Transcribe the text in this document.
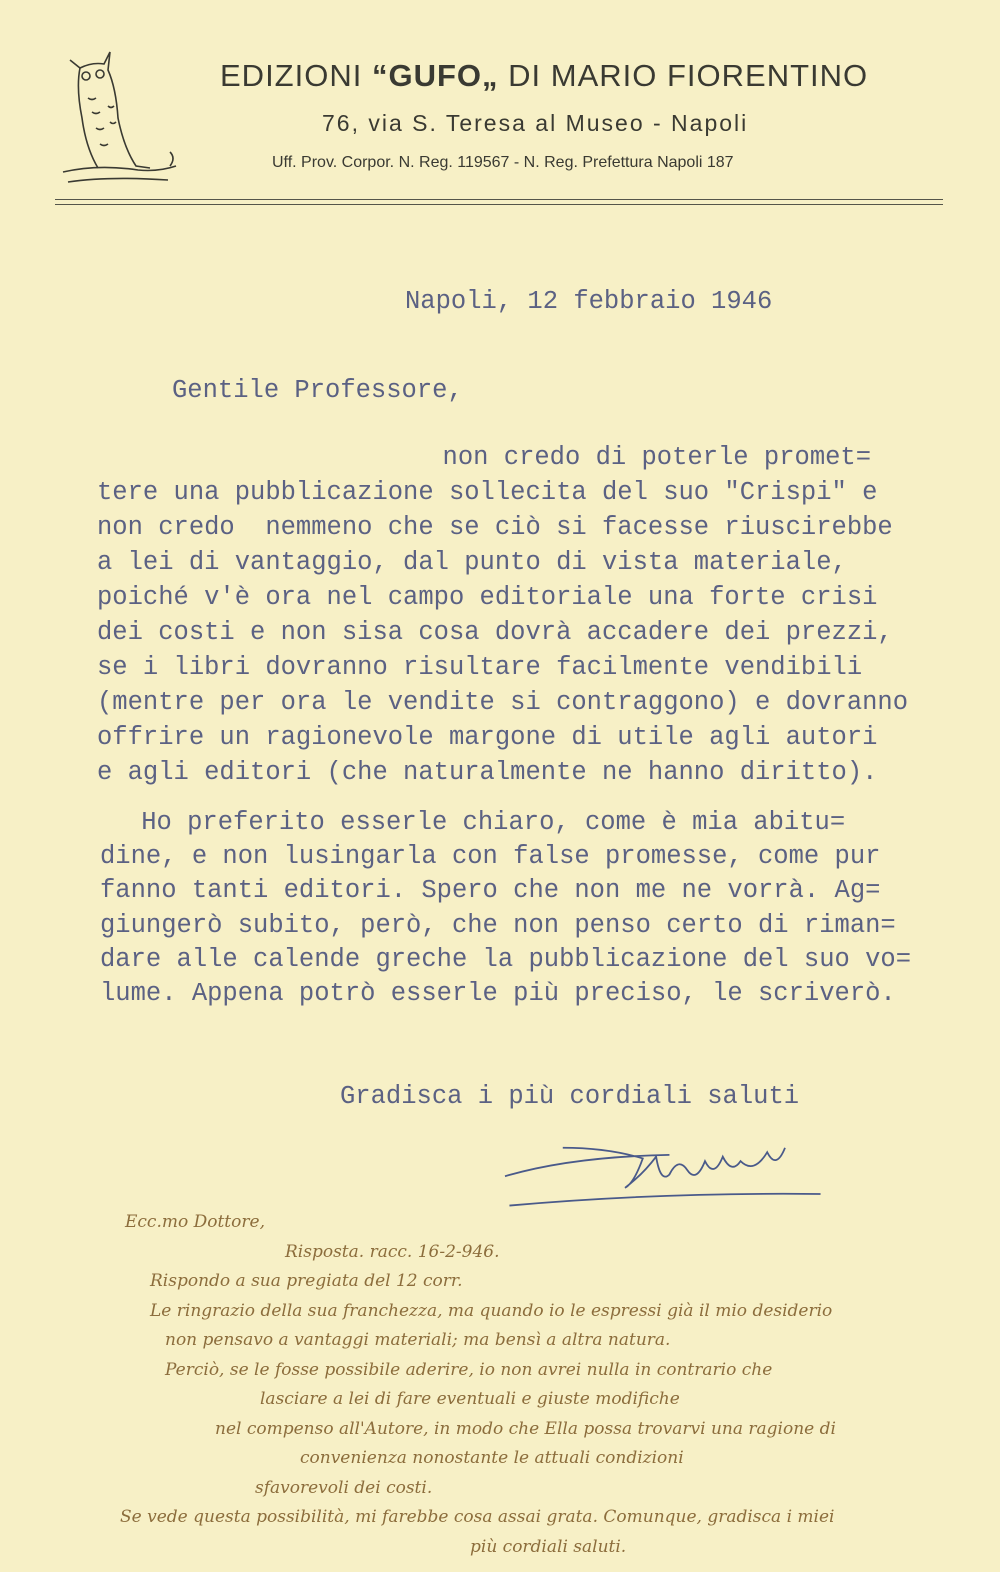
EDIZIONI “GUFO„ DI MARIO FIORENTINO
76, via S. Teresa al Museo - Napoli
Uff. Prov. Corpor. N. Reg. 119567 - N. Reg. Prefettura Napoli 187
Napoli, 12 febbraio 1946
Gentile Professore,
non credo di poterle promet=
tere una pubblicazione sollecita del suo "Crispi" e
non credo  nemmeno che se ciò si facesse riuscirebbe
a lei di vantaggio, dal punto di vista materiale,
poiché v'è ora nel campo editoriale una forte crisi
dei costi e non sisa cosa dovrà accadere dei prezzi,
se i libri dovranno risultare facilmente vendibili
(mentre per ora le vendite si contraggono) e dovranno
offrire un ragionevole margone di utile agli autori
e agli editori (che naturalmente ne hanno diritto).
Ho preferito esserle chiaro, come è mia abitu=
dine, e non lusingarla con false promesse, come pur
fanno tanti editori. Spero che non me ne vorrà. Ag=
giungerò subito, però, che non penso certo di riman=
dare alle calende greche la pubblicazione del suo vo=
lume. Appena potrò esserle più preciso, le scriverò.
Gradisca i più cordiali saluti
Ecc.mo Dottore,
Risposta. racc. 16-2-946.
Rispondo a sua pregiata del 12 corr.
Le ringrazio della sua franchezza, ma quando io le espressi già il mio desiderio
non pensavo a vantaggi materiali; ma bensì a altra natura.
Perciò, se le fosse possibile aderire, io non avrei nulla in contrario che
lasciare a lei di fare eventuali e giuste modifiche
nel compenso all'Autore, in modo che Ella possa trovarvi una ragione di
convenienza nonostante le attuali condizioni
sfavorevoli dei costi.
Se vede questa possibilità, mi farebbe cosa assai grata. Comunque, gradisca i miei
più cordiali saluti.
